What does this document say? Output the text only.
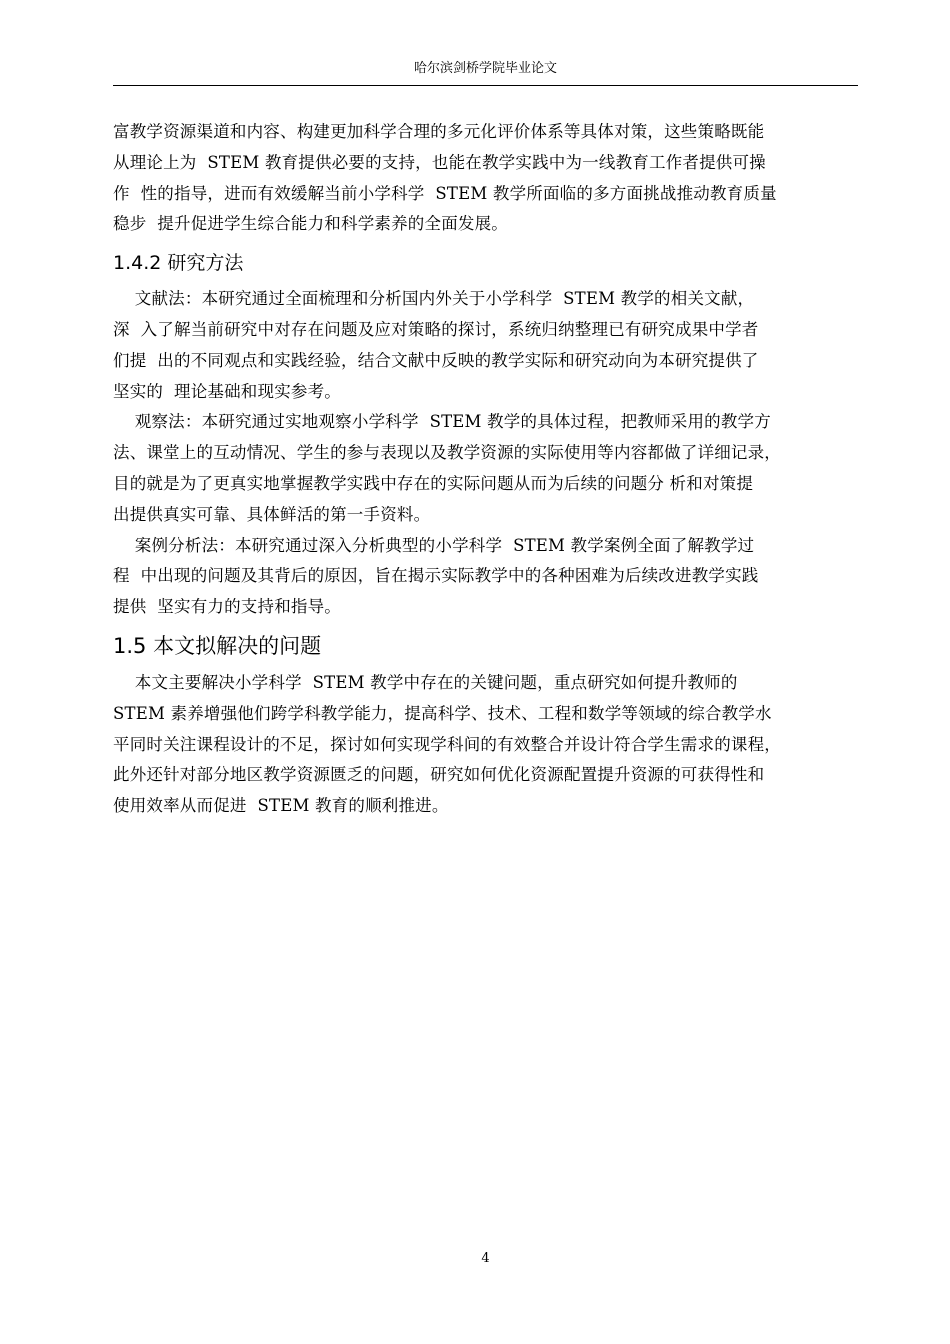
哈尔滨剑桥学院毕业论文

富教学资源渠道和内容、构建更加科学合理的多元化评价体系等具体对策，这些策略既能

从理论上为  STEM 教育提供必要的支持，也能在教学实践中为一线教育工作者提供可操

作  性的指导，进而有效缓解当前小学科学  STEM 教学所面临的多方面挑战推动教育质量

稳步  提升促进学生综合能力和科学素养的全面发展。

1.4.2 研究方法

文献法：本研究通过全面梳理和分析国内外关于小学科学  STEM 教学的相关文献，

深  入了解当前研究中对存在问题及应对策略的探讨，系统归纳整理已有研究成果中学者

们提  出的不同观点和实践经验，结合文献中反映的教学实际和研究动向为本研究提供了

坚实的  理论基础和现实参考。

观察法：本研究通过实地观察小学科学  STEM 教学的具体过程，把教师采用的教学方

法、课堂上的互动情况、学生的参与表现以及教学资源的实际使用等内容都做了详细记录，

目的就是为了更真实地掌握教学实践中存在的实际问题从而为后续的问题分 析和对策提

出提供真实可靠、具体鲜活的第一手资料。

案例分析法：本研究通过深入分析典型的小学科学  STEM 教学案例全面了解教学过

程  中出现的问题及其背后的原因，旨在揭示实际教学中的各种困难为后续改进教学实践

提供  坚实有力的支持和指导。

1.5 本文拟解决的问题

本文主要解决小学科学  STEM 教学中存在的关键问题，重点研究如何提升教师的

STEM 素养增强他们跨学科教学能力，提高科学、技术、工程和数学等领域的综合教学水

平同时关注课程设计的不足，探讨如何实现学科间的有效整合并设计符合学生需求的课程，

此外还针对部分地区教学资源匮乏的问题，研究如何优化资源配置提升资源的可获得性和

使用效率从而促进  STEM 教育的顺利推进。

4
